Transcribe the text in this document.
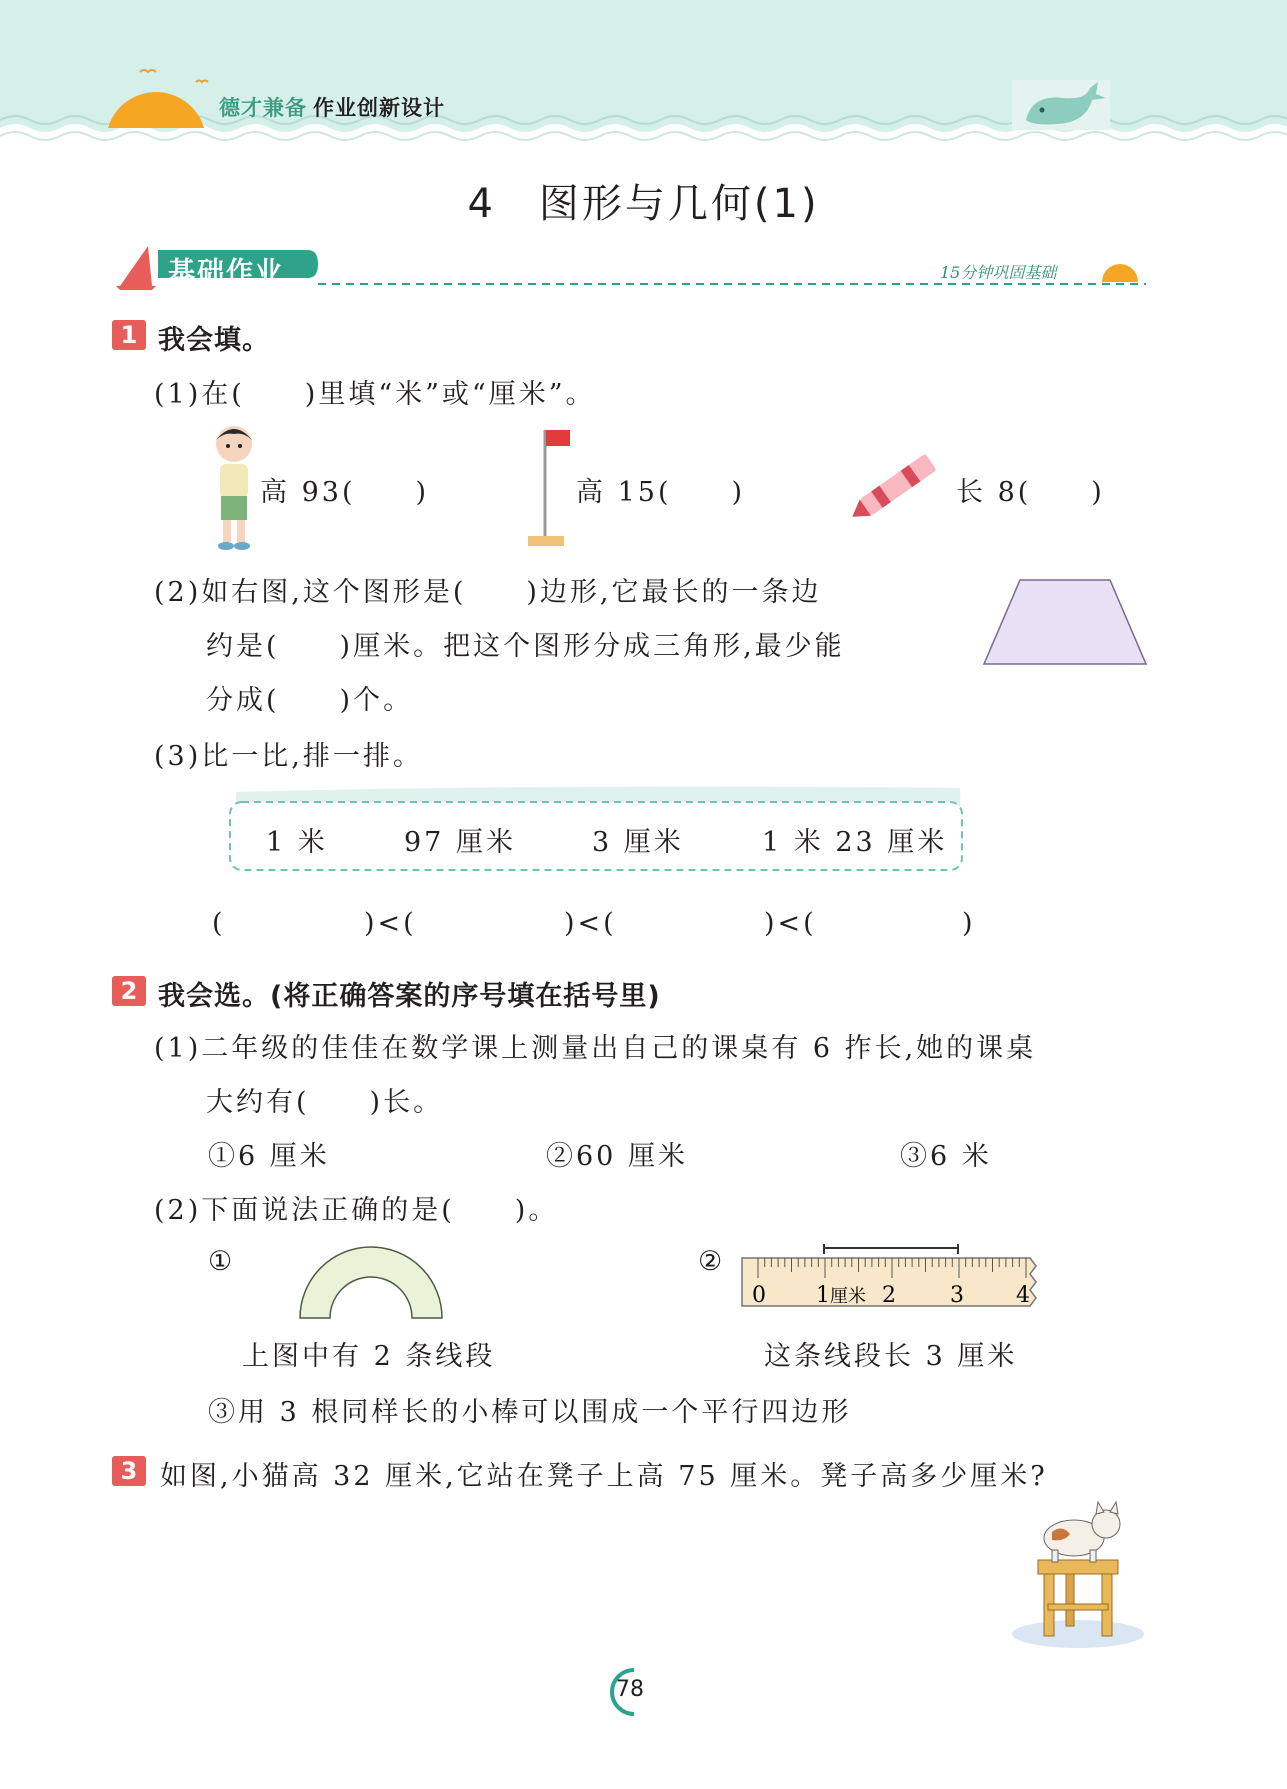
德才兼备 作业创新设计
4　图形与几何(1)
基础作业	15分钟巩固基础
1 我会填。
(1)在(　　)里填“米”或“厘米”。
高 93(　　)	高 15(　　)	长 8(　　)
(2)如右图,这个图形是(　　)边形,它最长的一条边
约是(　　)厘米。把这个图形分成三角形,最少能
分成(　　)个。
(3)比一比,排一排。
1 米	97 厘米	3 厘米	1 米 23 厘米
(	)<(	)<(	)<(	)
2 我会选。(将正确答案的序号填在括号里)
(1)二年级的佳佳在数学课上测量出自己的课桌有 6 拃长,她的课桌
大约有(　　)长。
①6 厘米	②60 厘米	③6 米
(2)下面说法正确的是(　　)。
①
上图中有 2 条线段
②
0 1 厘米 2 3 4
这条线段长 3 厘米
③用 3 根同样长的小棒可以围成一个平行四边形
3 如图,小猫高 32 厘米,它站在凳子上高 75 厘米。凳子高多少厘米?
78
